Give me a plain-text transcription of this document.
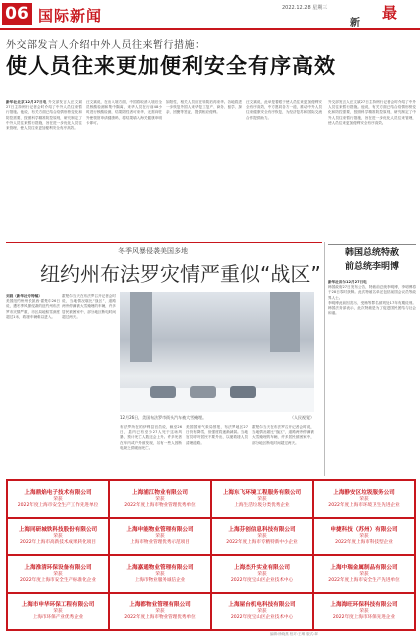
06 国际新闻	2022.12.28 星期三
新
最
外交部发言人介绍中外人员往来暂行措施：
使人员往来更加便利安全有序高效
新华社北京12月27日电 外交部发言人汪文斌27日主持例行记者会时介绍了中外人员往来暂行措施。他说，有关方面已结合疫情形势变化和防控需要，按照科学精准防控原则，研究制定了中外人员往来暂行措施，旨在进一步优化人员往来管理，使人员往来更加便利安全有序高效。
汪文斌说，在出入境方面，中国将取消入境后全员核酸检测和集中隔离，来华人员在行前48小时进行核酸检测，结果阴性者可来华，无需向驻外使领馆申请健康码，将结果填入海关健康申明卡即可。
如阳性，相关人员应在转阴后再来华。各地将进一步恢复外国人来华复工复产、商务、留学、探亲、团聚等签证，提供相应便利。
汪文斌说，此举是着眼于使人员往来更加便利安全有序高效，中方愿同各方一道，推动中外人员往来健康安全有序恢复，为经济复苏和国际交流合作提供助力。
外交部发言人汪文斌27日主持例行记者会时介绍了中外人员往来暂行措施。他说，有关方面已结合疫情形势变化和防控需要，按照科学精准防控原则，研究制定了中外人员往来暂行措施，旨在进一步优化人员往来管理，使人员往来更加便利安全有序高效。
冬季风暴侵袭美国多地
纽约州布法罗灾情严重似“战区”
刘晨（新华社专特稿）
美国纽约州州长凯西·霍楚尔26日说，遭冬季风暴侵袭的纽约州布法罗市灾情严重，市区局地积雪深度超过1米，救援车辆难以进入。
霍楚尔当天在布法罗召开记者会时说，当地情况堪比“战区”，道路两旁停满被大雪掩埋的车辆，许多居民被困家中，部分地区断电时间超过两天。
12月26日，美国布法罗市街头汽车被大雪掩埋。	（人民视觉）
布法罗所在的伊利县官员说，截至26日，县内已有至少27人死于这场风暴，预计死亡人数还会上升。许多死者在车内或户外被发现，另有一些人因断电缺乏供暖而死亡。
美国国家气象局预报，布法罗地区27日仍有降雪，但强度将逐渐减弱。当地官员呼吁居民不要外出，以便救援人员清理道路。
霍楚尔当天在布法罗召开记者会时说，当地情况堪比“战区”，道路两旁停满被大雪掩埋的车辆，许多居民被困家中，部分地区断电时间超过两天。
韩国总统特赦
前总统李明博
新华社首尔12月27日电
韩国政府27日发布公告，特赦前总统李明博，李明博将于28日零时获释。此次特赦名单还包括前国会议员等政界人士。
李明博此前因贪污、受贿等罪名被判处17年有期徒刑。韩国法务部表示，此次特赦是为了促进国民团结与社会和谐。
上海鼎焰电子技术有限公司
荣获
2022年度上海市安全生产工作先进单位
上海浦江物业有限公司
荣获
2022年度上海市物业管理优秀单位
上海东飞环境工程服务有限公司
荣获
上海生活垃圾分类优秀企业
上海静安区垃圾服务公司
荣获
2022年度上海市环境卫生先进企业
上海同研城铁科技股份有限公司
荣获
2022年上海市高新技术成果转化项目
上海申能物业管理有限公司
荣获
上海市物业管理优秀示范项目
上海芬创信息科技有限公司
荣获
2022年度上海市专精特新中小企业
申捷科技（苏州）有限公司
荣获
2022年度上海市科技型企业
上海淮清环保设备有限公司
荣获
2022年度上海市安全生产标准化企业
上海嘉通物业管理有限公司
荣获
上海市物业服务诚信企业
上海杰升实业有限公司
荣获
2022年度宝山区企业技术中心
上海中瑞金属制品有限公司
荣获
2022年度上海市安全生产先进单位
上海市申华环保工程有限公司
荣获
上海市环保产业优秀企业
上海都物业管理有限公司
荣获
2022年度上海市物业管理优秀单位
上海屋台机电科技有限公司
荣获
2022年度宝山区企业技术中心
上海海旺环保科技有限公司
荣获
2022年度上海市环保先进企业
编辑:徐晓燕 校对:王琳 版式:翠
